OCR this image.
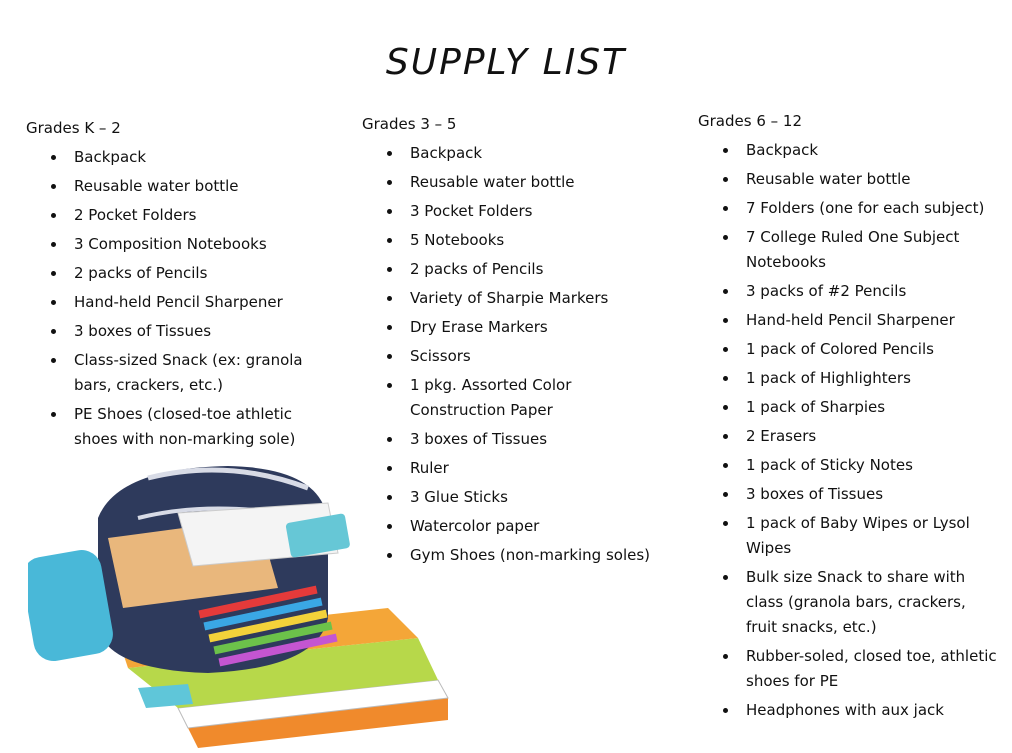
SUPPLY LIST
Grades K – 2
Backpack
Reusable water bottle
2 Pocket Folders
3 Composition Notebooks
2 packs of Pencils
Hand-held Pencil Sharpener
3 boxes of Tissues
Class-sized Snack (ex: granola bars, crackers, etc.)
PE Shoes (closed-toe athletic shoes with non-marking sole)
Grades 3 – 5
Backpack
Reusable water bottle
3 Pocket Folders
5 Notebooks
2 packs of Pencils
Variety of Sharpie Markers
Dry Erase Markers
Scissors
1 pkg. Assorted Color Construction Paper
3 boxes of Tissues
Ruler
3 Glue Sticks
Watercolor paper
Gym Shoes (non-marking soles)
Grades 6 – 12
Backpack
Reusable water bottle
7 Folders (one for each subject)
7 College Ruled One Subject Notebooks
3 packs of #2 Pencils
Hand-held Pencil Sharpener
1 pack of Colored Pencils
1 pack of Highlighters
1 pack of Sharpies
2 Erasers
1 pack of Sticky Notes
3 boxes of Tissues
1 pack of Baby Wipes or Lysol Wipes
Bulk size Snack to share with class (granola bars, crackers, fruit snacks, etc.)
Rubber-soled, closed toe, athletic shoes for PE
Headphones with aux jack
